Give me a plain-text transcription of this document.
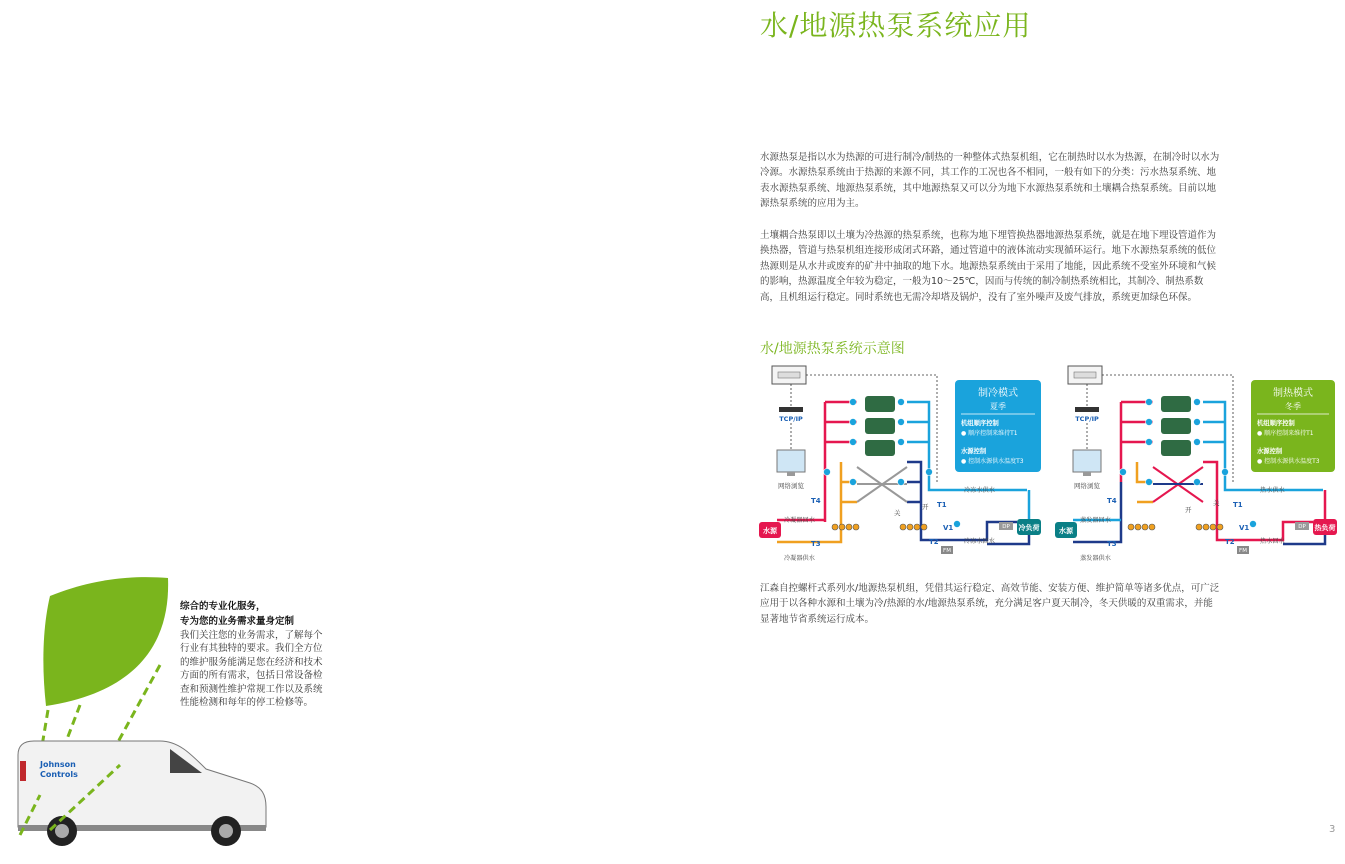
水/地源热泵系统应用
水源热泵是指以水为热源的可进行制冷/制热的一种整体式热泵机组，它在制热时以水为热源，在制冷时以水为冷源。水源热泵系统由于热源的来源不同，其工作的工况也各不相同，一般有如下的分类：污水热泵系统、地表水源热泵系统、地源热泵系统，其中地源热泵又可以分为地下水源热泵系统和土壤耦合热泵系统。目前以地源热泵系统的应用为主。
土壤耦合热泵即以土壤为冷热源的热泵系统，也称为地下埋管换热器地源热泵系统，就是在地下埋设管道作为换热器，管道与热泵机组连接形成闭式环路，通过管道中的液体流动实现循环运行。地下水源热泵系统的低位热源则是从水井或废弃的矿井中抽取的地下水。地源热泵系统由于采用了地能，因此系统不受室外环境和气候的影响，热源温度全年较为稳定，一般为10～25℃，因而与传统的制冷制热系统相比，其制冷、制热系数高，且机组运行稳定。同时系统也无需冷却塔及锅炉，没有了室外噪声及废气排放，系统更加绿色环保。
水/地源热泵系统示意图
TCP/IP
网络浏览
水源	冷负荷
冷冻水供水
冷冻水回水
冷凝器回水
冷凝器供水
T1
T2
T3
T4
V1
开
关
DP
FM
制冷模式
夏季
机组顺序控制
● 顺序控制来维持T1
水源控制
● 控制水源供水温度T3
TCP/IP
网络浏览
水源	热负荷
热水供水
热水回水
蒸发器回水
蒸发器供水
T1
T2
T3
T4
V1
开
关
DP
FM
制热模式
冬季
机组顺序控制
● 顺序控制来维持T1
水源控制
● 控制水源供水温度T3
江森自控螺杆式系列水/地源热泵机组，凭借其运行稳定、高效节能、安装方便、维护简单等诸多优点，可广泛应用于以各种水源和土壤为冷/热源的水/地源热泵系统，充分满足客户夏天制冷，冬天供暖的双重需求，并能显著地节省系统运行成本。
Johnson
Controls
综合的专业化服务，
专为您的业务需求量身定制
我们关注您的业务需求，了解每个行业有其独特的要求。我们全方位的维护服务能满足您在经济和技术方面的所有需求，包括日常设备检查和预测性维护常规工作以及系统性能检测和每年的停工检修等。
3
